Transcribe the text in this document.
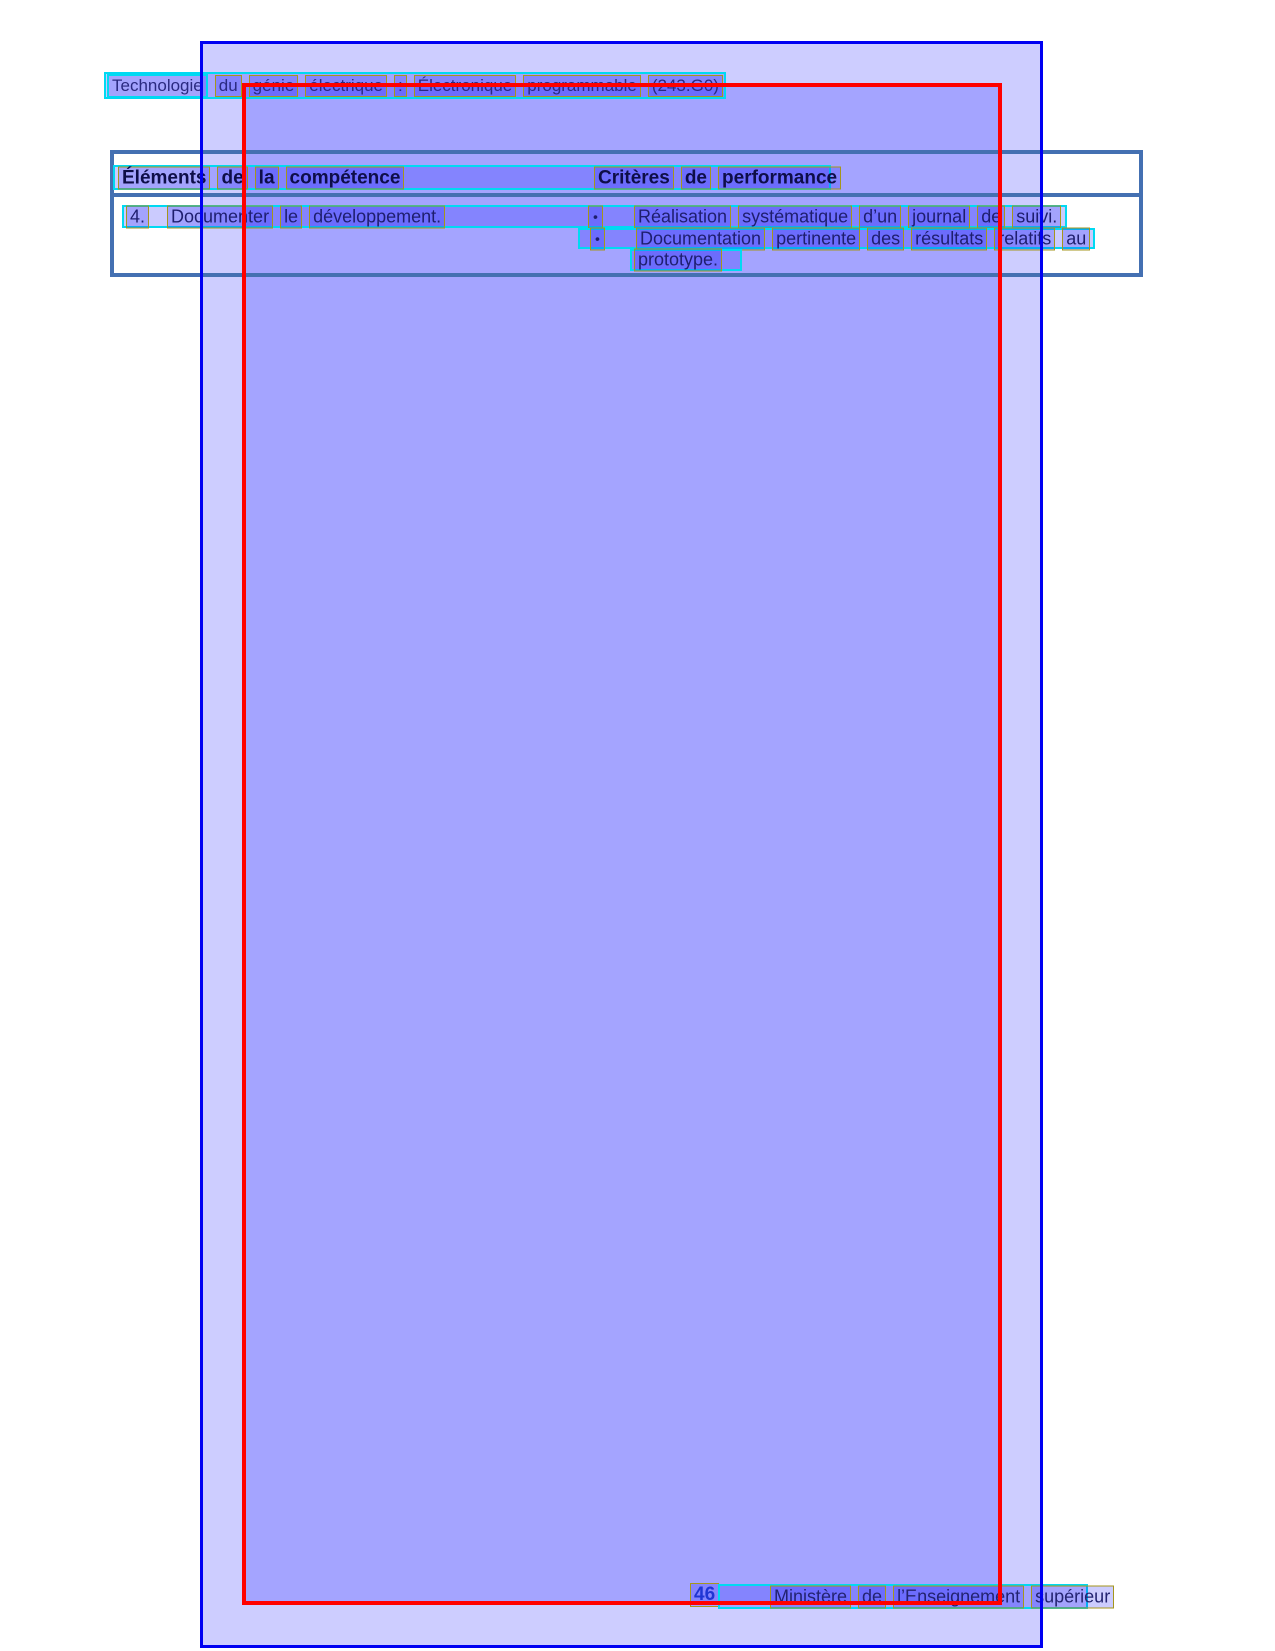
Technologie du génie électrique : Électronique programmable (243.G0)
Éléments de la compétence	Critères de performance
4. Documenter le développement.	• Réalisation systématique d’un journal de suivi.
• Documentation pertinente des résultats relatifs au
prototype.
46	Ministère de l’Enseignement supérieur
